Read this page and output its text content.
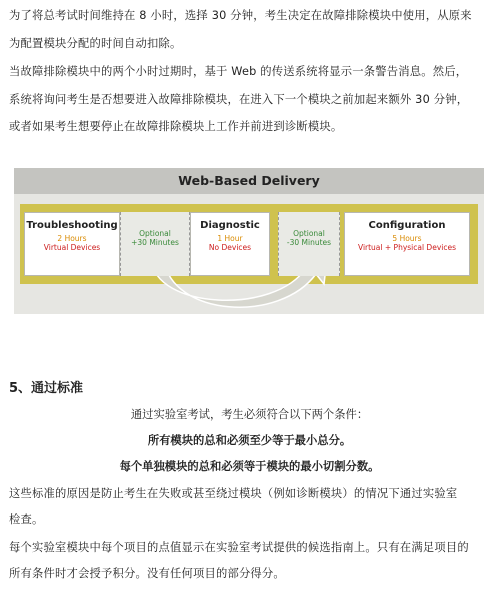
为了将总考试时间维持在 8 小时，选择 30 分钟，考生决定在故障排除模块中使用，从原来

为配置模块分配的时间自动扣除。

当故障排除模块中的两个小时过期时，基于 Web 的传送系统将显示一条警告消息。然后，

系统将询问考生是否想要进入故障排除模块，在进入下一个模块之前加起来额外 30 分钟，

或者如果考生想要停止在故障排除模块上工作并前进到诊断模块。

Web-Based Delivery
Troubleshooting
2 Hours
Virtual Devices
Optional
+30 Minutes
Diagnostic
1 Hour
No Devices
Optional
-30 Minutes
Configuration
5 Hours
Virtual + Physical Devices

5、通过标准

通过实验室考试，考生必须符合以下两个条件：

所有模块的总和必须至少等于最小总分。

每个单独模块的总和必须等于模块的最小切割分数。

这些标准的原因是防止考生在失败或甚至绕过模块（例如诊断模块）的情况下通过实验室

检查。

每个实验室模块中每个项目的点值显示在实验室考试提供的候选指南上。只有在满足项目的

所有条件时才会授予积分。没有任何项目的部分得分。
